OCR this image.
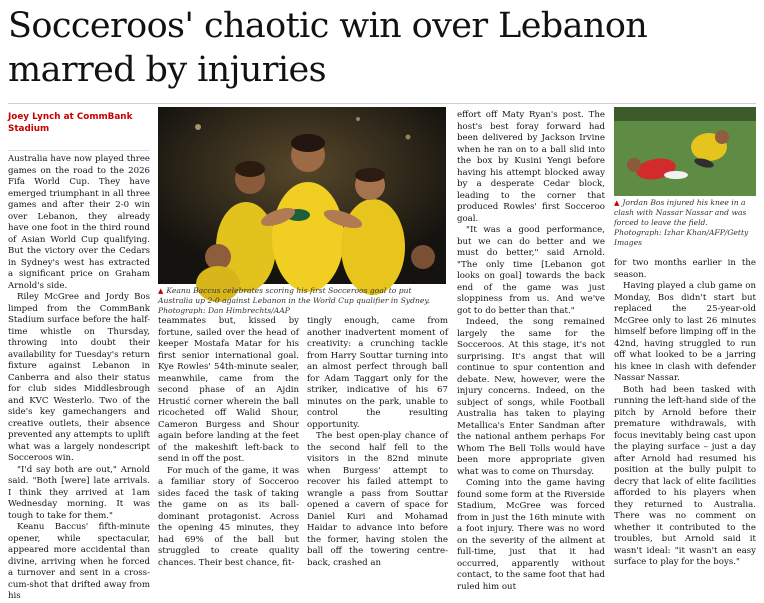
Socceroos' chaotic win over Lebanon marred by injuries
Joey Lynch at CommBank Stadium

Australia have now played three games on the road to the 2026 Fifa World Cup. They have emerged triumphant in all three games and after their 2-0 win over Lebanon, they already have one foot in the third round of Asian World Cup qualifying. But the victory over the Cedars in Sydney's west has extracted a significant price on Graham Arnold's side.

Riley McGree and Jordy Bos limped from the CommBank Stadium surface before the half-time whistle on Thursday, throwing into doubt their availability for Tuesday's return fixture against Lebanon in Canberra and also their status for club sides Middlesbrough and KVC Westerlo. Two of the side's key gamechangers and creative outlets, their absence prevented any attempts to uplift what was a largely nondescript Socceroos win.

"I'd say both are out," Arnold said. "Both [were] late arrivals. I think they arrived at 1am Wednesday morning. It was tough to take for them."

Keanu Baccus' fifth-minute opener, while spectacular, appeared more accidental than divine, arriving when he forced a turnover and sent in a cross-cum-shot that drifted away from his

▲ Keanu Baccus celebrates scoring his first Socceroos goal to put Australia up 2-0 against Lebanon in the World Cup qualifier in Sydney. Photograph: Dan Himbrechts/AAP

teammates but, kissed by fortune, sailed over the head of keeper Mostafa Matar for his first senior international goal. Kye Rowles' 54th-minute sealer, meanwhile, came from the second phase of an Ajdin Hrustić corner wherein the ball ricocheted off Walid Shour, Cameron Burgess and Shour again before landing at the feet of the makeshift left-back to send in off the post.

For much of the game, it was a familiar story of Socceroo sides faced the task of taking the game on as its ball-dominant protagonist. Across the opening 45 minutes, they had 69% of the ball but struggled to create quality chances. Their best chance, fit-

tingly enough, came from another inadvertent moment of creativity: a crunching tackle from Harry Souttar turning into an almost perfect through ball for Adam Taggart only for the striker, indicative of his 67 minutes on the park, unable to control the resulting opportunity.

The best open-play chance of the second half fell to the visitors in the 82nd minute when Burgess' attempt to recover his failed attempt to wrangle a pass from Souttar opened a cavern of space for Daniel Kuri and Mohamad Haidar to advance into before the former, having stolen the ball off the towering centre-back, crashed an

effort off Maty Ryan's post. The host's best foray forward had been delivered by Jackson Irvine when he ran on to a ball slid into the box by Kusini Yengi before having his attempt blocked away by a desperate Cedar block, leading to the corner that produced Rowles' first Socceroo goal.

"It was a good performance, but we can do better and we must do better," said Arnold. "The only time [Lebanon got looks on goal] towards the back end of the game was just sloppiness from us. And we've got to do better than that."

Indeed, the song remained largely the same for the Socceroos. At this stage, it's not surprising. It's angst that will continue to spur contention and debate. New, however, were the injury concerns. Indeed, on the subject of songs, while Football Australia has taken to playing Metallica's Enter Sandman after the national anthem perhaps For Whom The Bell Tolls would have been more appropriate given what was to come on Thursday.

Coming into the game having found some form at the Riverside Stadium, McGree was forced from in just the 16th minute with a foot injury. There was no word on the severity of the ailment at full-time, just that it had occurred, apparently without contact, to the same foot that had ruled him out

▲ Jordan Bos injured his knee in a clash with Nassar Nassar and was forced to leave the field. Photograph: Izhar Khan/AFP/Getty Images

for two months earlier in the season.

Having played a club game on Monday, Bos didn't start but replaced the 25-year-old McGree only to last 26 minutes himself before limping off in the 42nd, having struggled to run off what looked to be a jarring his knee in clash with defender Nassar Nassar.

Both had been tasked with running the left-hand side of the pitch by Arnold before their premature withdrawals, with focus inevitably being cast upon the playing surface – just a day after Arnold had resumed his position at the bully pulpit to decry that lack of elite facilities afforded to his players when they returned to Australia. There was no comment on whether it contributed to the troubles, but Arnold said it wasn't ideal: "it wasn't an easy surface to play for the boys."
